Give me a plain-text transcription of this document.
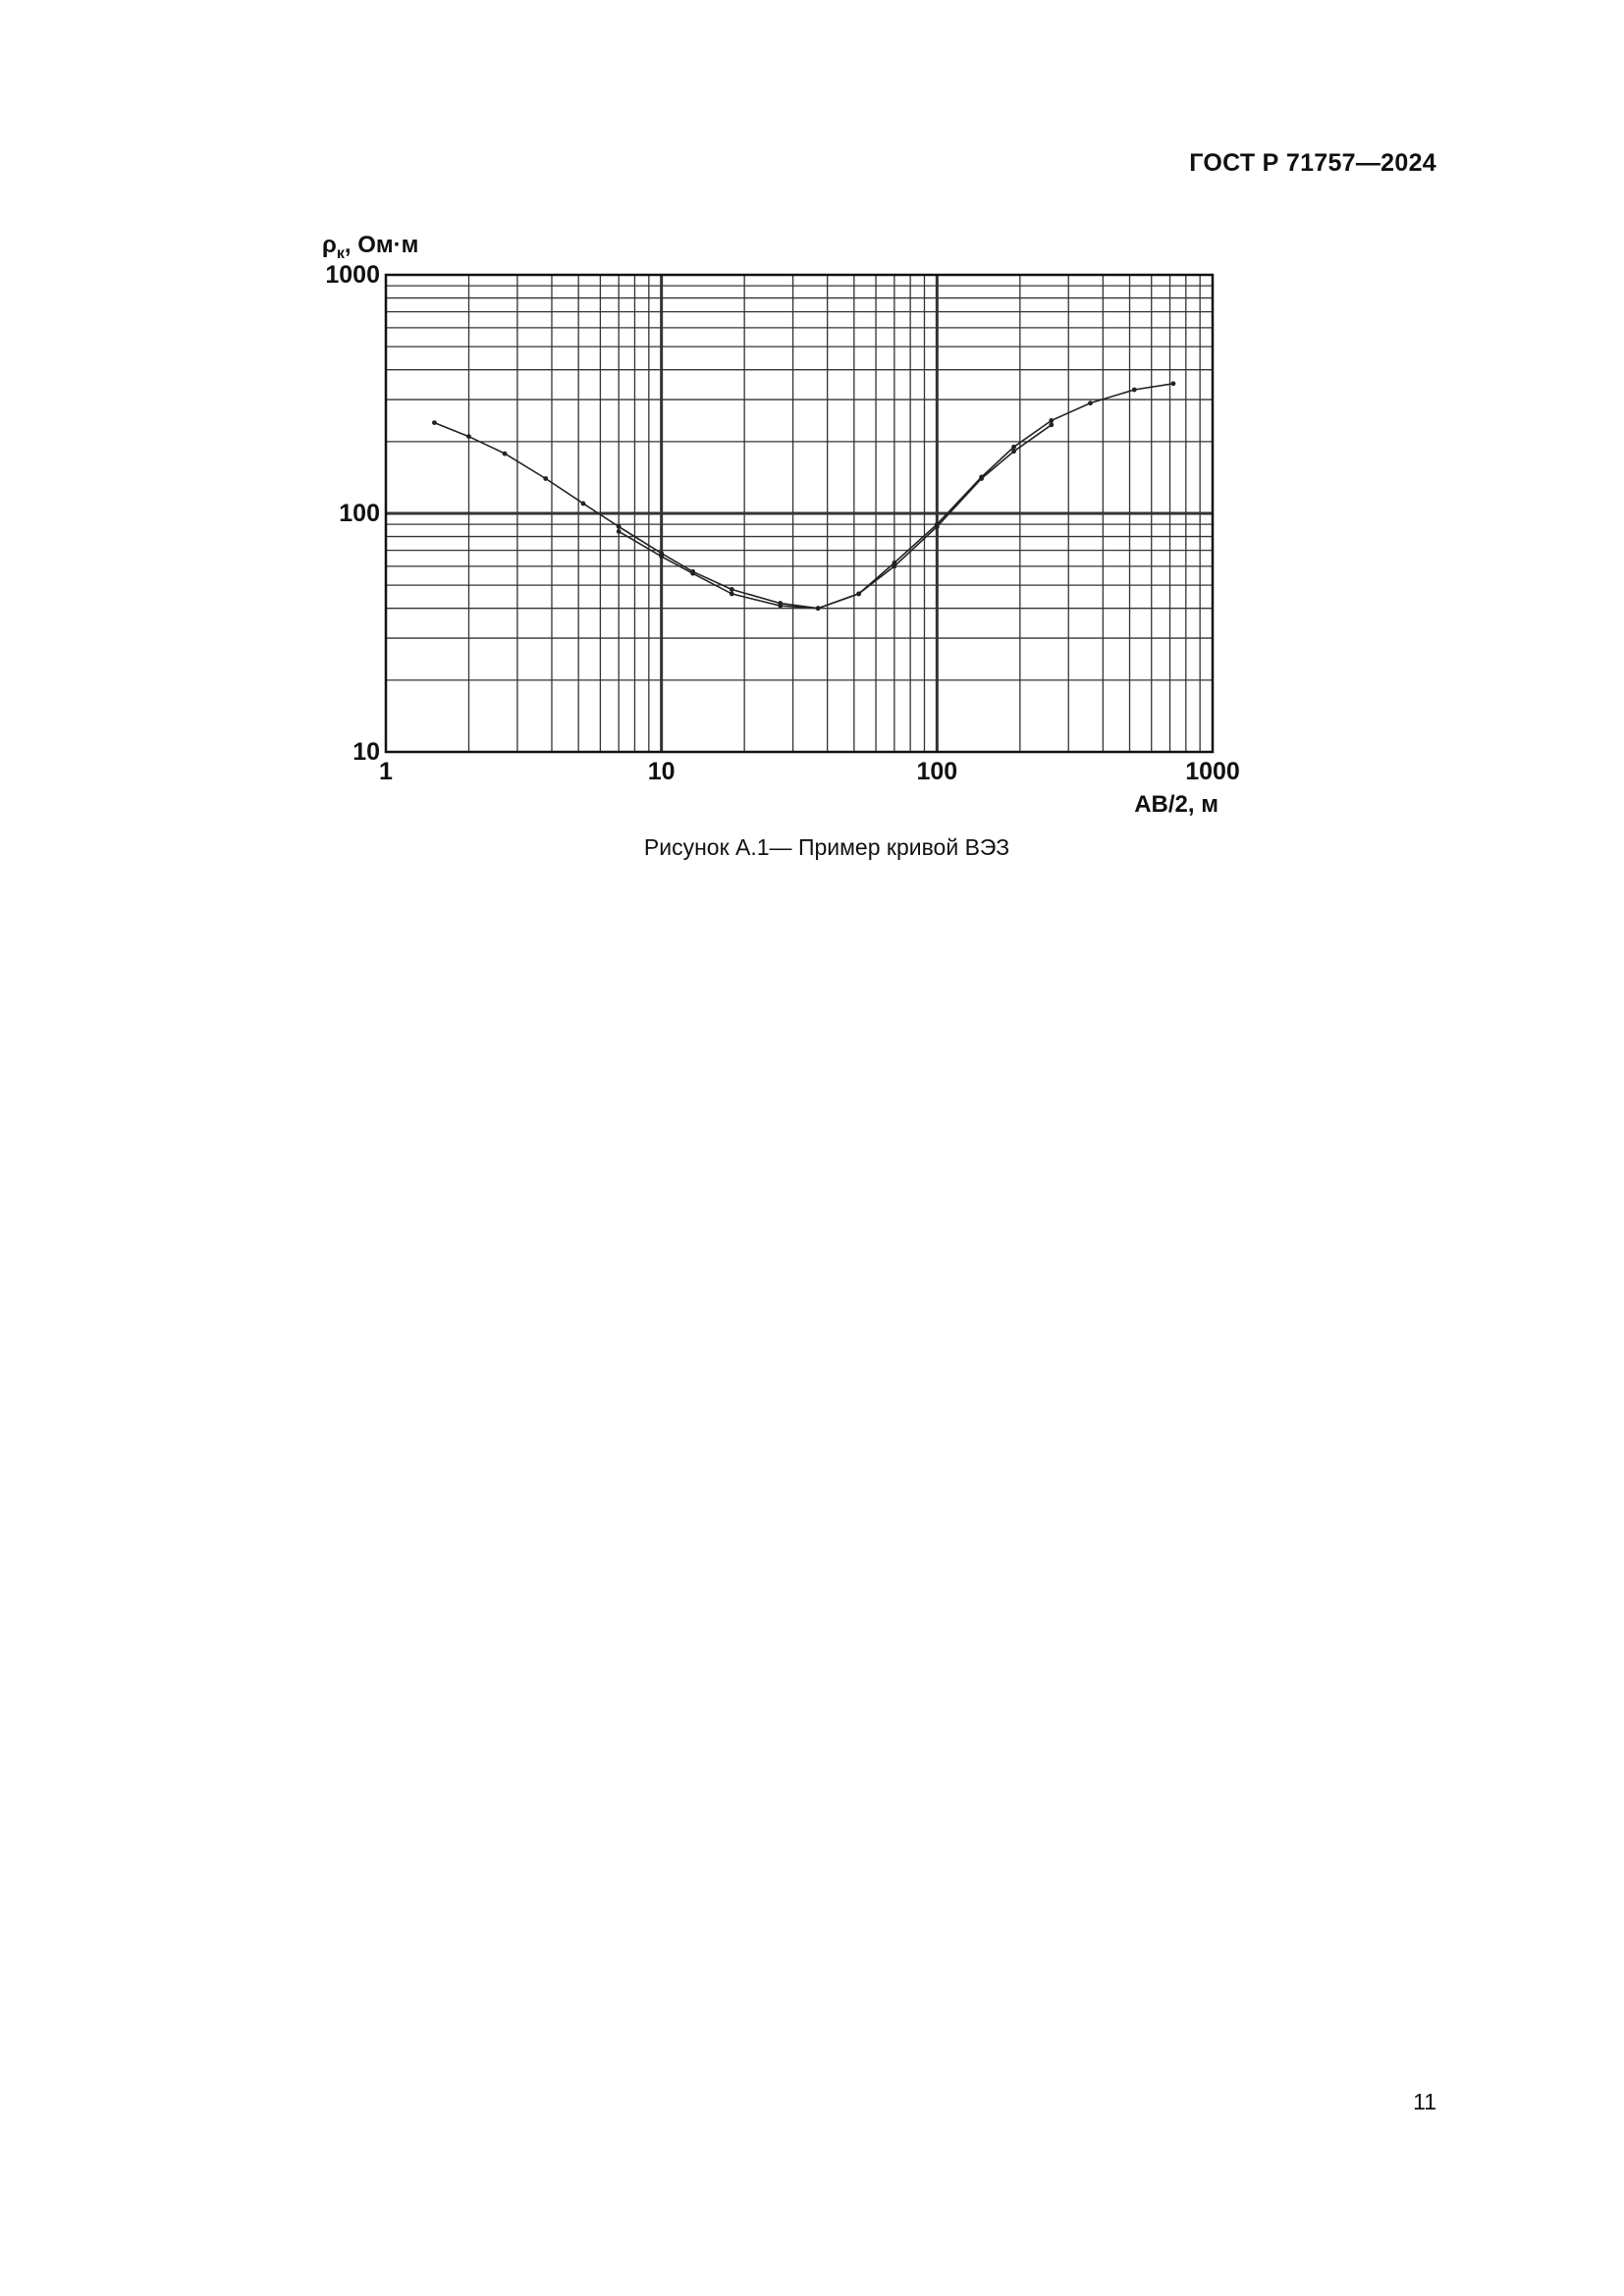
ГОСТ Р 71757—2024
1	10	100	1000
10
100
1000
$\rho_к$, Ом·м
AB/2, м
Рисунок А.1— Пример кривой ВЭЗ
11
